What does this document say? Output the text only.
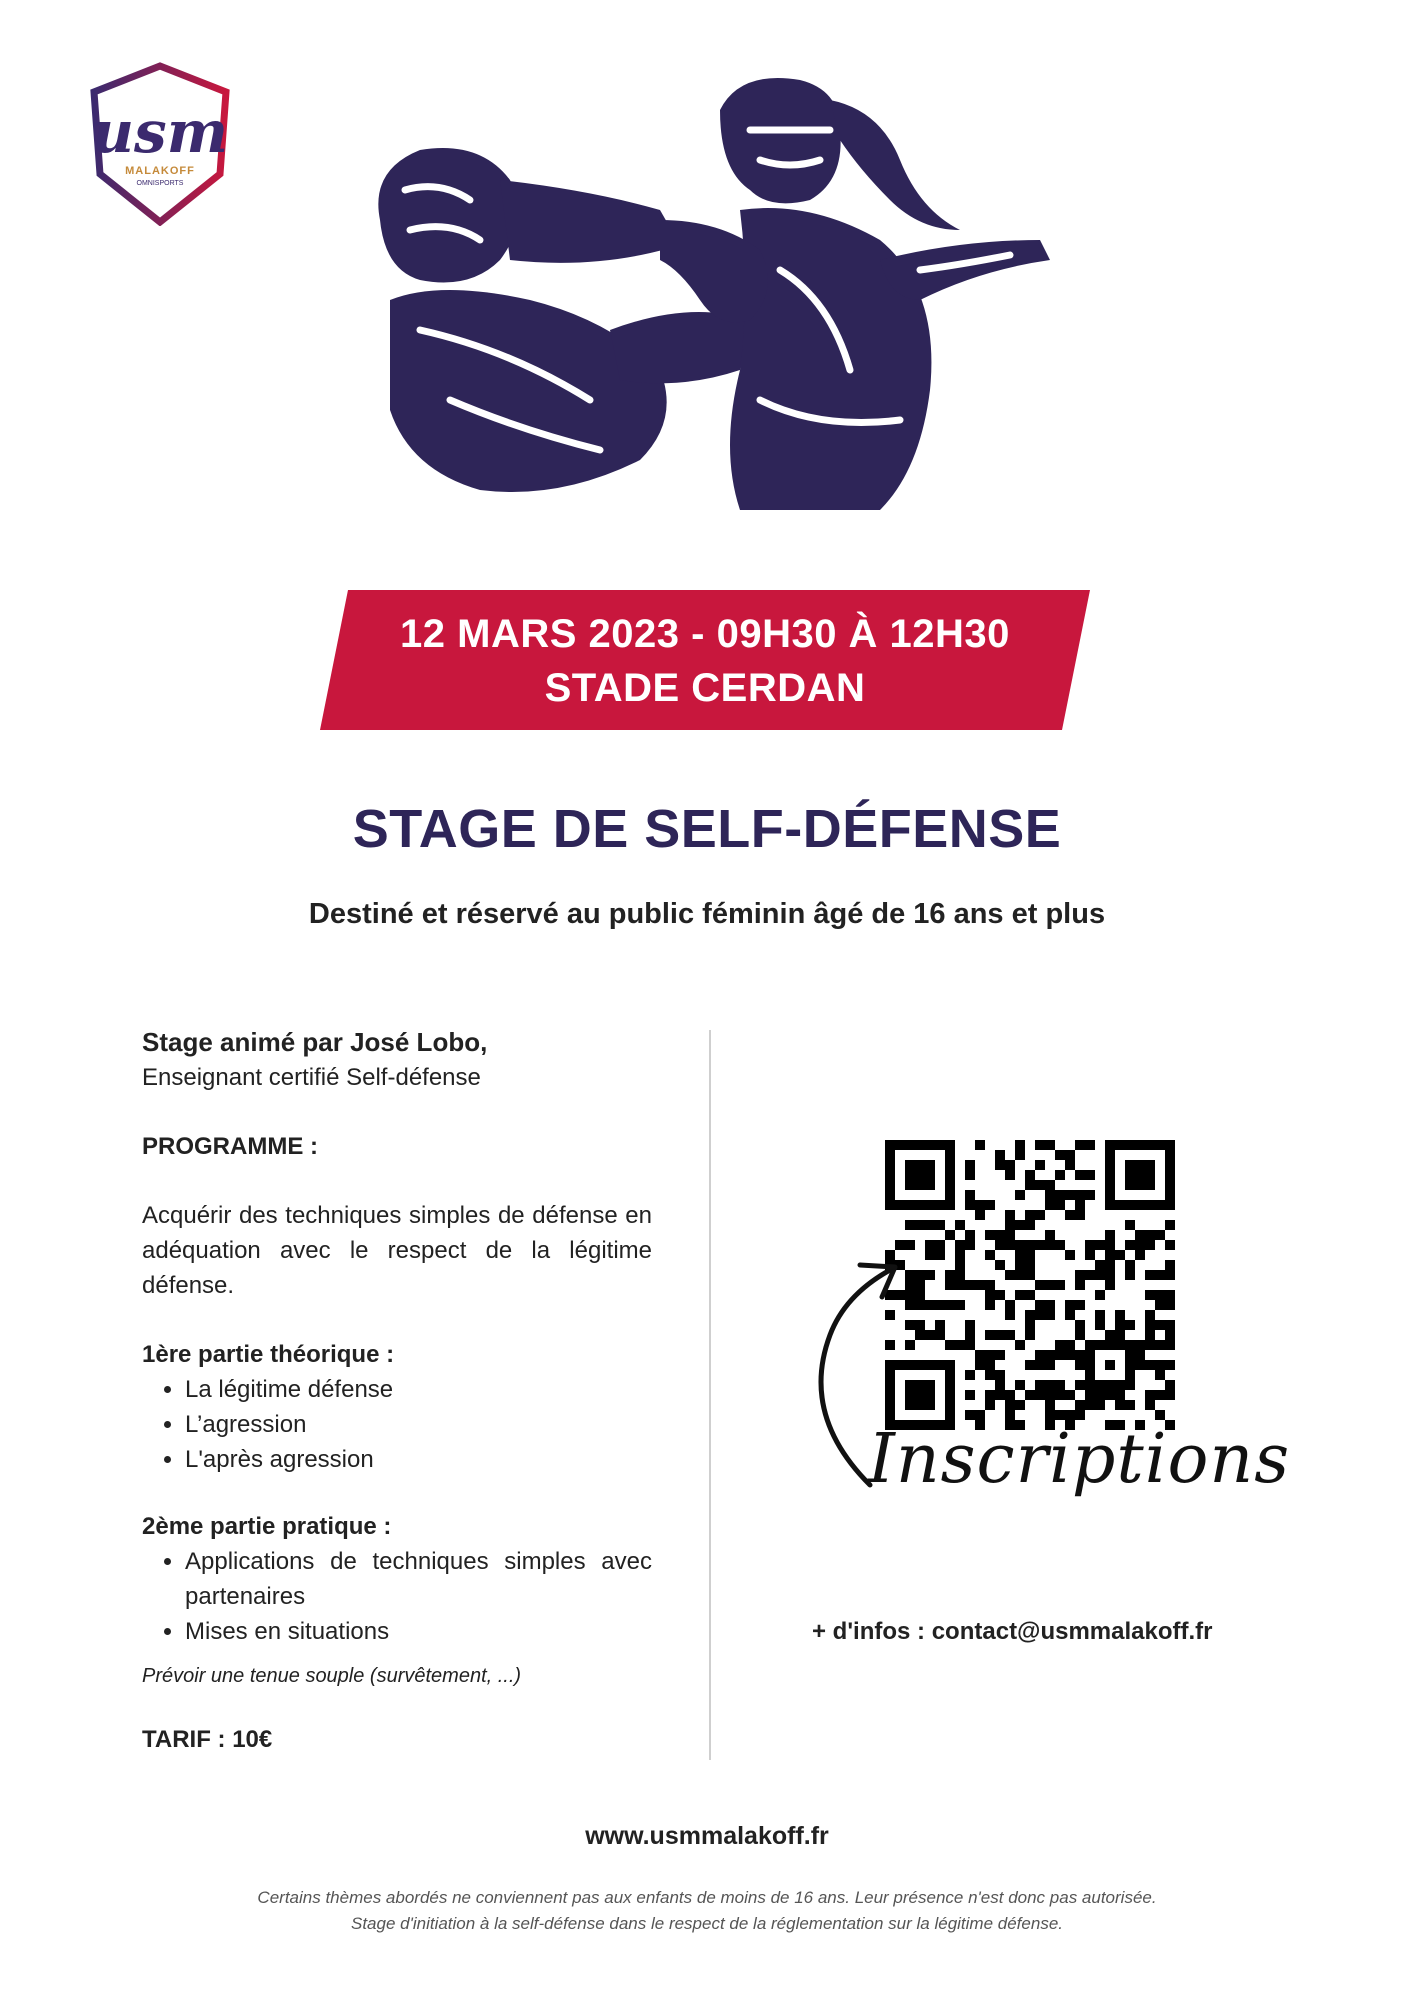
usm
MALAKOFF
OMNISPORTS
12 MARS 2023 - 09H30 À 12H30
STADE CERDAN
STAGE DE SELF-DÉFENSE
Destiné et réservé au public féminin âgé de 16 ans et plus

Stage animé par José Lobo,

Enseignant certifié Self-défense

PROGRAMME :

Acquérir des techniques simples de défense en adéquation avec le respect de la légitime défense.

1ère partie théorique :

• La légitime défense
• L’agression
• L'après agression

2ème partie pratique :

• Applications de techniques simples avec partenaires
• Mises en situations

Prévoir une tenue souple (survêtement, ...)

TARIF : 10€

Inscriptions
+ d'infos : contact@usmmalakoff.fr
www.usmmalakoff.fr
Certains thèmes abordés ne conviennent pas aux enfants de moins de 16 ans. Leur présence n'est donc pas autorisée.
Stage d'initiation à la self-défense dans le respect de la réglementation sur la légitime défense.
